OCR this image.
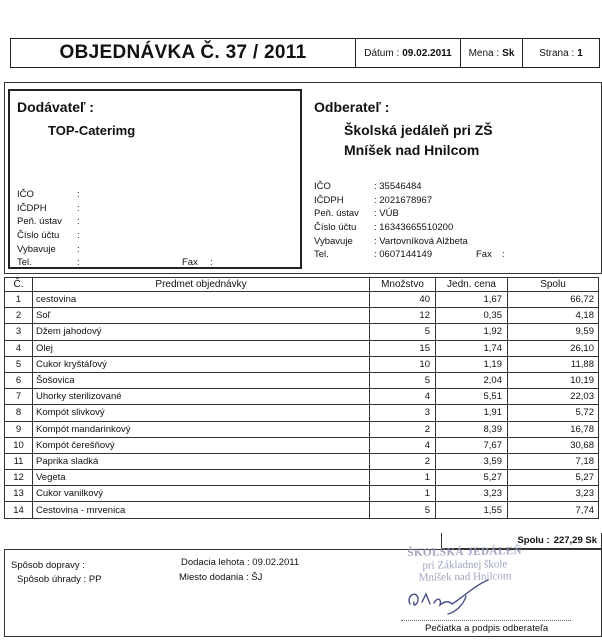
OBJEDNÁVKA Č. 37 / 2011	Dátum : 09.02.2011 Mena : Sk Strana : 1
Dodávateľ :
TOP-Caterimg
IČO	:
IČDPH	:
Peň. ústav	:
Číslo účtu	:
Vybavuje	:
Tel.	:	Fax :
Odberateľ :
Školská jedáleň pri ZŠ
Mníšek nad Hnilcom
IČO	: 35546484
IČDPH	: 2021678967
Peň. ústav	: VÚB
Číslo účtu	: 16343665510200
Vybavuje	: Vartovníková Alžbeta
Tel.	: 0607144149	Fax :
Č.	Predmet objednávky	Množstvo	Jedn. cena	Spolu
1	cestovina	40	1,67	66,72
2	Soľ	12	0,35	4,18
3	Džem jahodový	5	1,92	9,59
4	Olej	15	1,74	26,10
5	Cukor kryštáľový	10	1,19	11,88
6	Šošovica	5	2,04	10,19
7	Uhorky sterilizované	4	5,51	22,03
8	Kompót slivkový	3	1,91	5,72
9	Kompót mandarinkový	2	8,39	16,78
10	Kompót čerešňový	4	7,67	30,68
11	Paprika sladká	2	3,59	7,18
12	Vegeta	1	5,27	5,27
13	Cukor vanilkový	1	3,23	3,23
14	Cestovina - mrvenica	5	1,55	7,74
Spolu : 227,29 Sk
Spôsob dopravy :
Spôsob úhrady : PP
Dodacia lehota : 09.02.2011
Miesto dodania : ŠJ
Pečiatka a podpis odberateľa
ŠKOLSKÁ JEDÁLEŇ
pri Základnej škole
Mníšek nad Hnilcom
